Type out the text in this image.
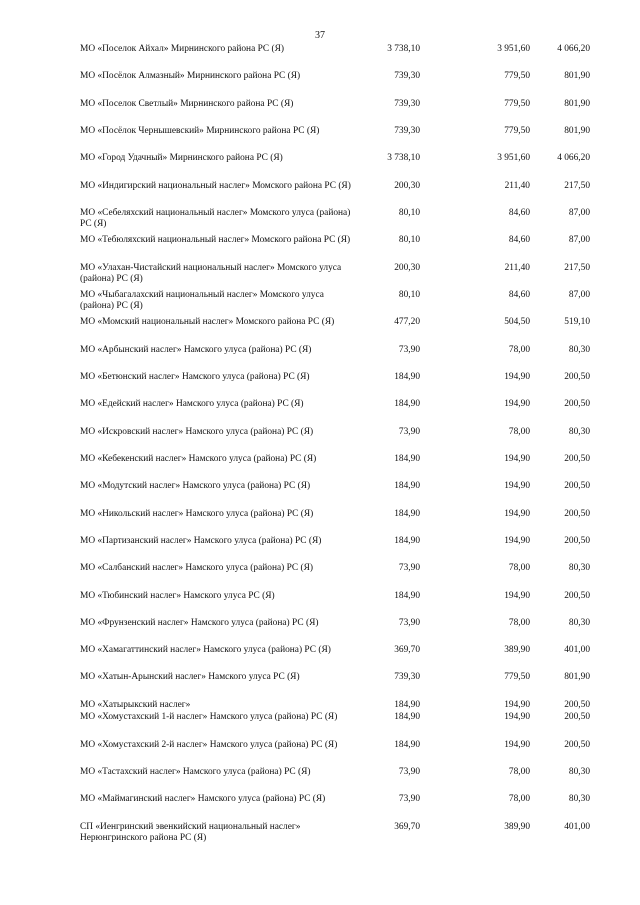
37
МО «Поселок Айхал» Мирнинского района РС (Я)	3 738,10	3 951,60	4 066,20
МО «Посёлок Алмазный» Мирнинского района РС (Я)	739,30	779,50	801,90
МО «Поселок Светлый» Мирнинского района РС (Я)	739,30	779,50	801,90
МО «Посёлок Чернышевский» Мирнинского района РС (Я)	739,30	779,50	801,90
МО «Город Удачный» Мирнинского района РС (Я)	3 738,10	3 951,60	4 066,20
МО «Индигирский национальный наслег» Момского района РС (Я)	200,30	211,40	217,50
МО «Себеляхский национальный наслег» Момского улуса (района) РС (Я)
80,10	84,60	87,00
МО «Тебюляхский национальный наслег» Момского района РС (Я)	80,10	84,60	87,00
МО «Улахан-Чистайский национальный наслег» Момского улуса (района) РС (Я)
200,30	211,40	217,50
МО «Чыбагалахский национальный наслег» Момского улуса (района) РС (Я)
80,10	84,60	87,00
МО «Момский национальный наслег» Момского района РС (Я)	477,20	504,50	519,10
МО «Арбынский наслег» Намского улуса (района) РС (Я)	73,90	78,00	80,30
МО «Бетюнский наслег» Намского улуса (района) РС (Я)	184,90	194,90	200,50
МО «Едейский наслег» Намского улуса (района) РС (Я)	184,90	194,90	200,50
МО «Искровский наслег» Намского улуса (района) РС (Я)	73,90	78,00	80,30
МО «Кебекенский наслег» Намского улуса (района) РС (Я)	184,90	194,90	200,50
МО «Модутский наслег» Намского улуса (района) РС (Я)	184,90	194,90	200,50
МО «Никольский наслег» Намского улуса (района) РС (Я)	184,90	194,90	200,50
МО «Партизанский наслег» Намского улуса (района) РС (Я)	184,90	194,90	200,50
МО «Салбанский наслег» Намского улуса (района) РС (Я)	73,90	78,00	80,30
МО «Тюбинский наслег» Намского улуса РС (Я)	184,90	194,90	200,50
МО «Фрунзенский наслег» Намского улуса (района) РС (Я)	73,90	78,00	80,30
МО «Хамагаттинский наслег» Намского улуса (района) РС (Я)	369,70	389,90	401,00
МО «Хатын-Арынский наслег» Намского улуса РС (Я)	739,30	779,50	801,90
МО «Хатырыкский наслег»	184,90	194,90	200,50
МО «Хомустахский 1-й наслег» Намского улуса (района) РС (Я)	184,90	194,90	200,50
МО «Хомустахский 2-й наслег» Намского улуса (района) РС (Я)	184,90	194,90	200,50
МО «Тастахский наслег» Намского улуса (района) РС (Я)	73,90	78,00	80,30
МО «Маймагинский наслег» Намского улуса (района) РС (Я)	73,90	78,00	80,30
СП «Иенгринский эвенкийский национальный наслег» Нерюнгринского района РС (Я)
369,70	389,90	401,00
